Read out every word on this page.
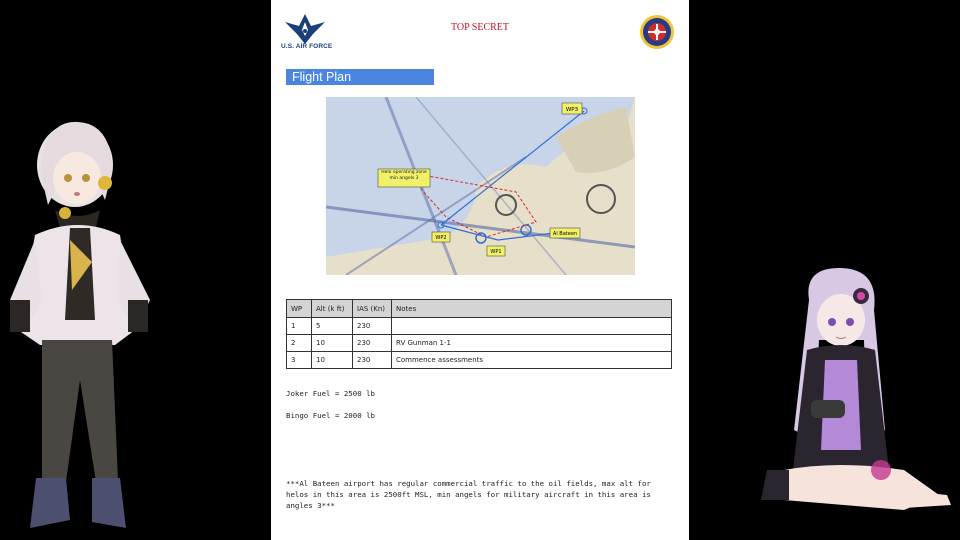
U.S. AIR FORCE
TOP SECRET
Flight Plan
WP3
Helo operating zone min angels 3
WP2
Al Bateen
WP1
WP	Alt (k ft)	IAS (Kn)	Notes
1	5	230	
2	10	230	RV Gunman 1-1
3	10	230	Commence assessments
Joker Fuel = 2500 lb
Bingo Fuel = 2000 lb
***Al Bateen airport has regular commercial traffic to the oil fields, max alt for helos in this area is 2500ft MSL, min angels for military aircraft in this area is angles 3***
